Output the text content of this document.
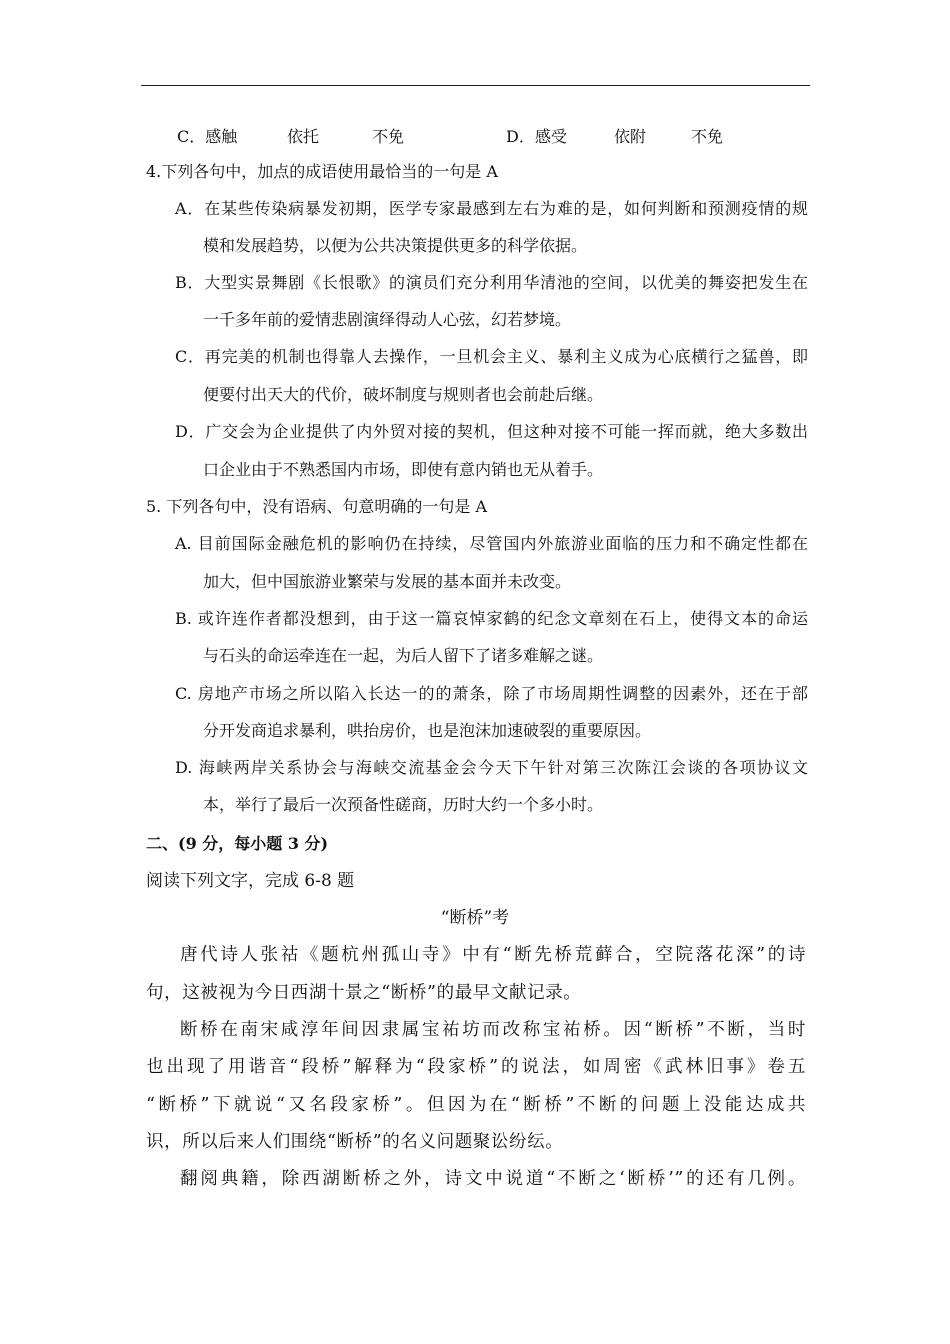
C．感触	依托	不免	D．感受	依附	不免
4.下列各句中，加点的成语使用最恰当的一句是 A
A．在某些传染病暴发初期，医学专家最感到左右为难的是，如何判断和预测疫情的规
模和发展趋势，以便为公共决策提供更多的科学依据。
B．大型实景舞剧《长恨歌》的演员们充分利用华清池的空间，以优美的舞姿把发生在
一千多年前的爱情悲剧演绎得动人心弦，幻若梦境。
C．再完美的机制也得靠人去操作，一旦机会主义、暴利主义成为心底横行之猛兽，即
便要付出天大的代价，破坏制度与规则者也会前赴后继。
D．广交会为企业提供了内外贸对接的契机，但这种对接不可能一挥而就，绝大多数出
口企业由于不熟悉国内市场，即使有意内销也无从着手。
5. 下列各句中，没有语病、句意明确的一句是 A
A. 目前国际金融危机的影响仍在持续，尽管国内外旅游业面临的压力和不确定性都在
加大，但中国旅游业繁荣与发展的基本面并未改变。
B. 或许连作者都没想到，由于这一篇哀悼家鹤的纪念文章刻在石上，使得文本的命运
与石头的命运牵连在一起，为后人留下了诸多难解之谜。
C. 房地产市场之所以陷入长达一的的萧条，除了市场周期性调整的因素外，还在于部
分开发商追求暴利，哄抬房价，也是泡沫加速破裂的重要原因。
D. 海峡两岸关系协会与海峡交流基金会今天下午针对第三次陈江会谈的各项协议文
本，举行了最后一次预备性磋商，历时大约一个多小时。
二、(9 分，每小题 3 分)
阅读下列文字，完成 6-8 题
“断桥”考
唐代诗人张祜《题杭州孤山寺》中有“断先桥荒藓合，空院落花深”的诗
句，这被视为今日西湖十景之“断桥”的最早文献记录。
断桥在南宋咸淳年间因隶属宝祐坊而改称宝祐桥。因“断桥”不断，当时
也出现了用谐音“段桥”解释为“段家桥”的说法，如周密《武林旧事》卷五
“断桥”下就说“又名段家桥”。但因为在“断桥”不断的问题上没能达成共
识，所以后来人们围绕“断桥”的名义问题聚讼纷纭。
翻阅典籍，除西湖断桥之外，诗文中说道“不断之‘断桥’”的还有几例。
